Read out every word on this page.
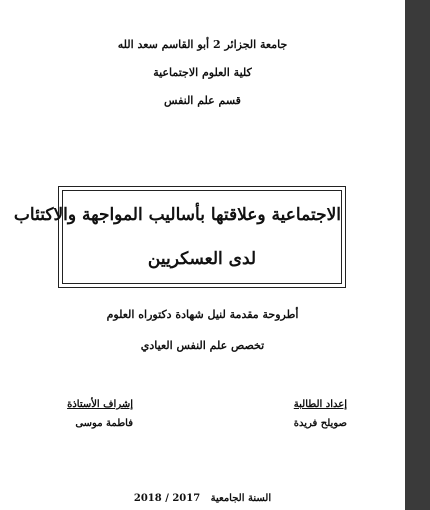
جامعة الجزائر 2 أبو القاسم سعد الله
كلية العلوم الاجتماعية
قسم علم النفس
الاجتماعية وعلاقتها بأساليب المواجهة والاكتئاب
لدى العسكريين
أطروحة مقدمة لنيل شهادة دكتوراه العلوم
تخصص علم النفس العيادي
إعداد الطالبة
صويلح فريدة
إشراف الأستاذة
فاطمة موسى
2018 / 2017 السنة الجامعية
